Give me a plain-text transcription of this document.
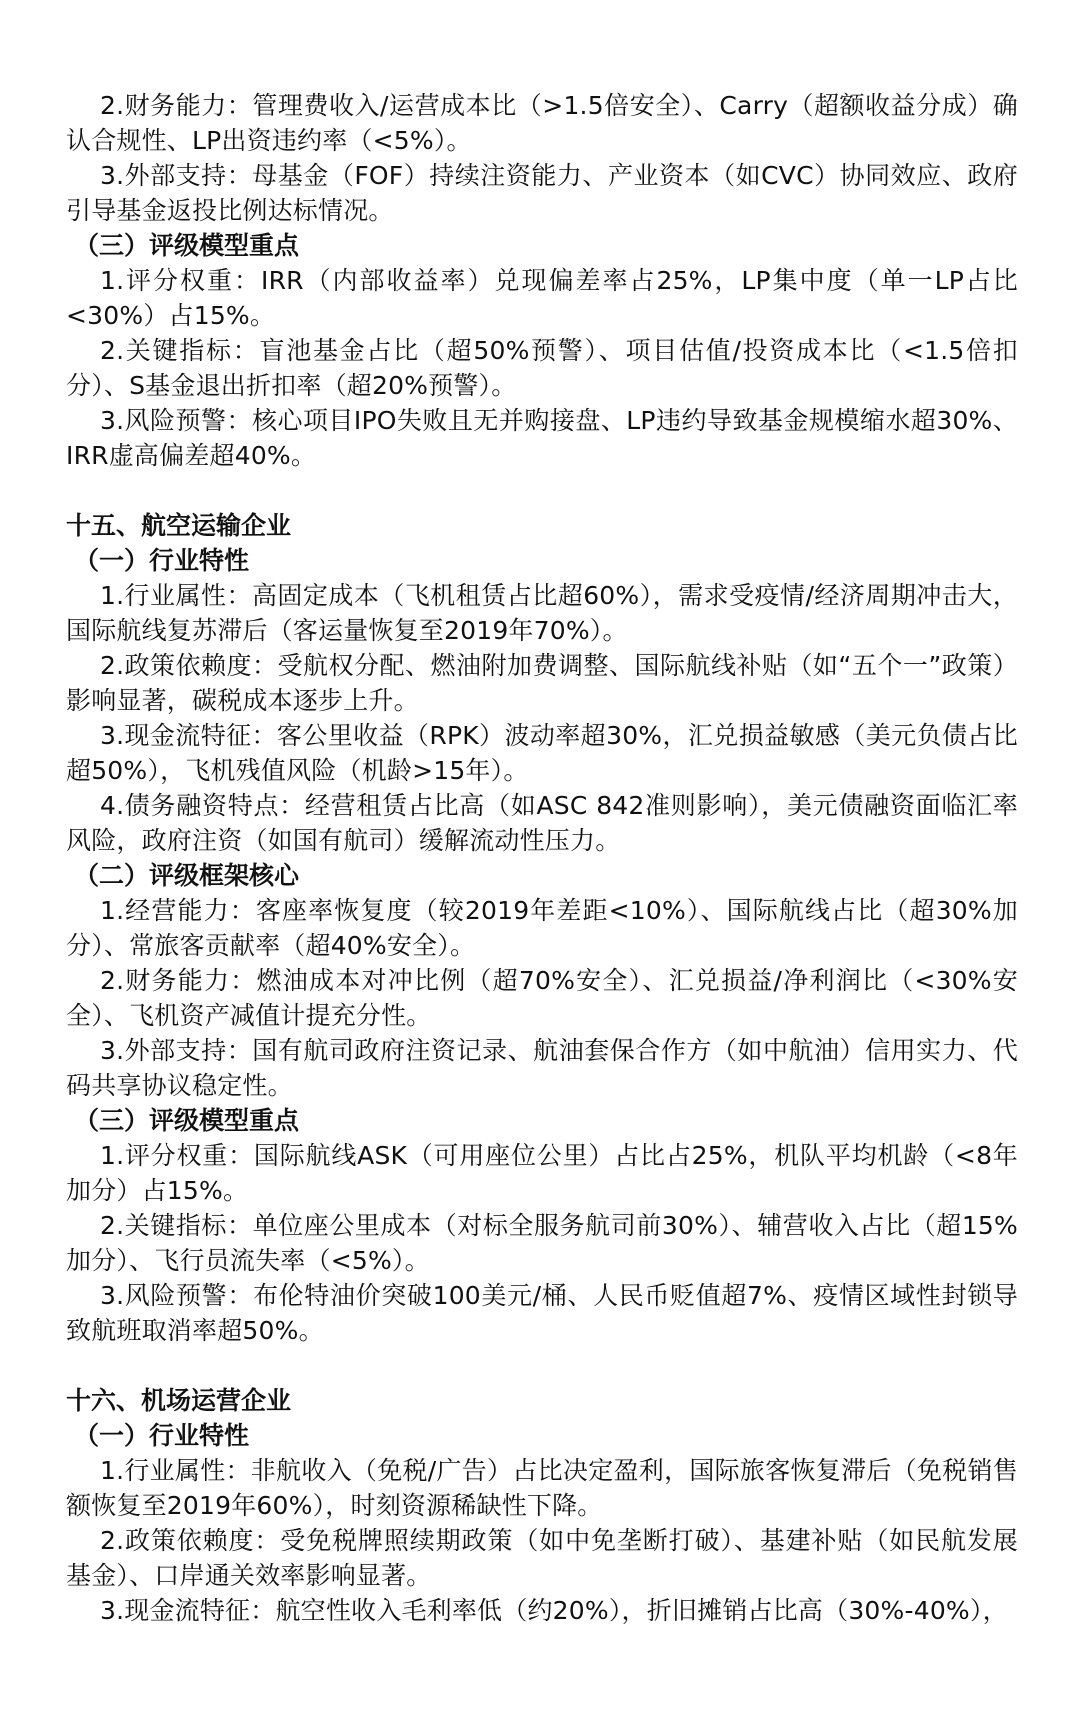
2.财务能力：管理费收入/运营成本比（>1.5倍安全）、Carry（超额收益分成）确认合规性、LP出资违约率（<5%）。

3.外部支持：母基金（FOF）持续注资能力、产业资本（如CVC）协同效应、政府引导基金返投比例达标情况。

（三）评级模型重点

1.评分权重：IRR（内部收益率）兑现偏差率占25%，LP集中度（单一LP占比<30%）占15%。

2.关键指标：盲池基金占比（超50%预警）、项目估值/投资成本比（<1.5倍扣分）、S基金退出折扣率（超20%预警）。

3.风险预警：核心项目IPO失败且无并购接盘、LP违约导致基金规模缩水超30%、IRR虚高偏差超40%。

十五、航空运输企业

（一）行业特性

1.行业属性：高固定成本（飞机租赁占比超60%），需求受疫情/经济周期冲击大，国际航线复苏滞后（客运量恢复至2019年70%）。

2.政策依赖度：受航权分配、燃油附加费调整、国际航线补贴（如“五个一”政策）影响显著，碳税成本逐步上升。

3.现金流特征：客公里收益（RPK）波动率超30%，汇兑损益敏感（美元负债占比超50%），飞机残值风险（机龄>15年）。

4.债务融资特点：经营租赁占比高（如ASC 842准则影响），美元债融资面临汇率风险，政府注资（如国有航司）缓解流动性压力。

（二）评级框架核心

1.经营能力：客座率恢复度（较2019年差距<10%）、国际航线占比（超30%加分）、常旅客贡献率（超40%安全）。

2.财务能力：燃油成本对冲比例（超70%安全）、汇兑损益/净利润比（<30%安全）、飞机资产减值计提充分性。

3.外部支持：国有航司政府注资记录、航油套保合作方（如中航油）信用实力、代码共享协议稳定性。

（三）评级模型重点

1.评分权重：国际航线ASK（可用座位公里）占比占25%，机队平均机龄（<8年加分）占15%。

2.关键指标：单位座公里成本（对标全服务航司前30%）、辅营收入占比（超15%加分）、飞行员流失率（<5%）。

3.风险预警：布伦特油价突破100美元/桶、人民币贬值超7%、疫情区域性封锁导致航班取消率超50%。

十六、机场运营企业

（一）行业特性

1.行业属性：非航收入（免税/广告）占比决定盈利，国际旅客恢复滞后（免税销售额恢复至2019年60%），时刻资源稀缺性下降。

2.政策依赖度：受免税牌照续期政策（如中免垄断打破）、基建补贴（如民航发展基金）、口岸通关效率影响显著。

3.现金流特征：航空性收入毛利率低（约20%），折旧摊销占比高（30%-40%），
